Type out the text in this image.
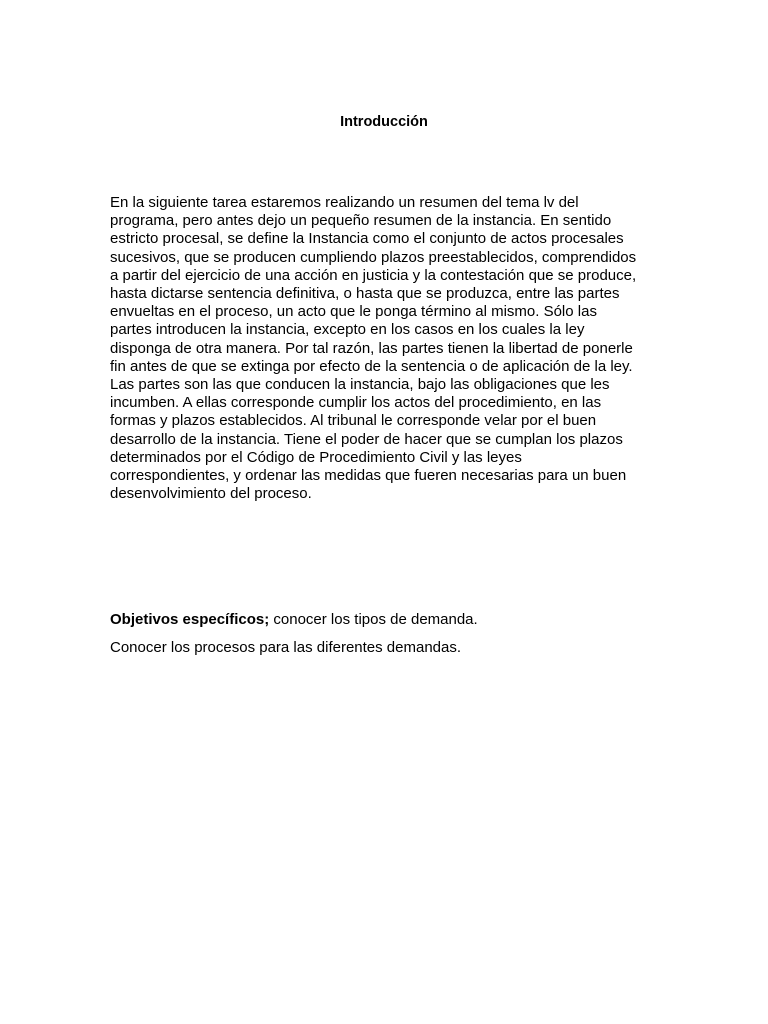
Introducción

En la siguiente tarea estaremos realizando un resumen del tema lv del
programa, pero antes dejo un pequeño resumen de la instancia. En sentido
estricto procesal, se define la Instancia como el conjunto de actos procesales
sucesivos, que se producen cumpliendo plazos preestablecidos, comprendidos
a partir del ejercicio de una acción en justicia y la contestación que se produce,
hasta dictarse sentencia definitiva, o hasta que se produzca, entre las partes
envueltas en el proceso, un acto que le ponga término al mismo. Sólo las
partes introducen la instancia, excepto en los casos en los cuales la ley
disponga de otra manera. Por tal razón, las partes tienen la libertad de ponerle
fin antes de que se extinga por efecto de la sentencia o de aplicación de la ley.
Las partes son las que conducen la instancia, bajo las obligaciones que les
incumben. A ellas corresponde cumplir los actos del procedimiento, en las
formas y plazos establecidos. Al tribunal le corresponde velar por el buen
desarrollo de la instancia. Tiene el poder de hacer que se cumplan los plazos
determinados por el Código de Procedimiento Civil y las leyes
correspondientes, y ordenar las medidas que fueren necesarias para un buen
desenvolvimiento del proceso.

Objetivos específicos; conocer los tipos de demanda.

Conocer los procesos para las diferentes demandas.
